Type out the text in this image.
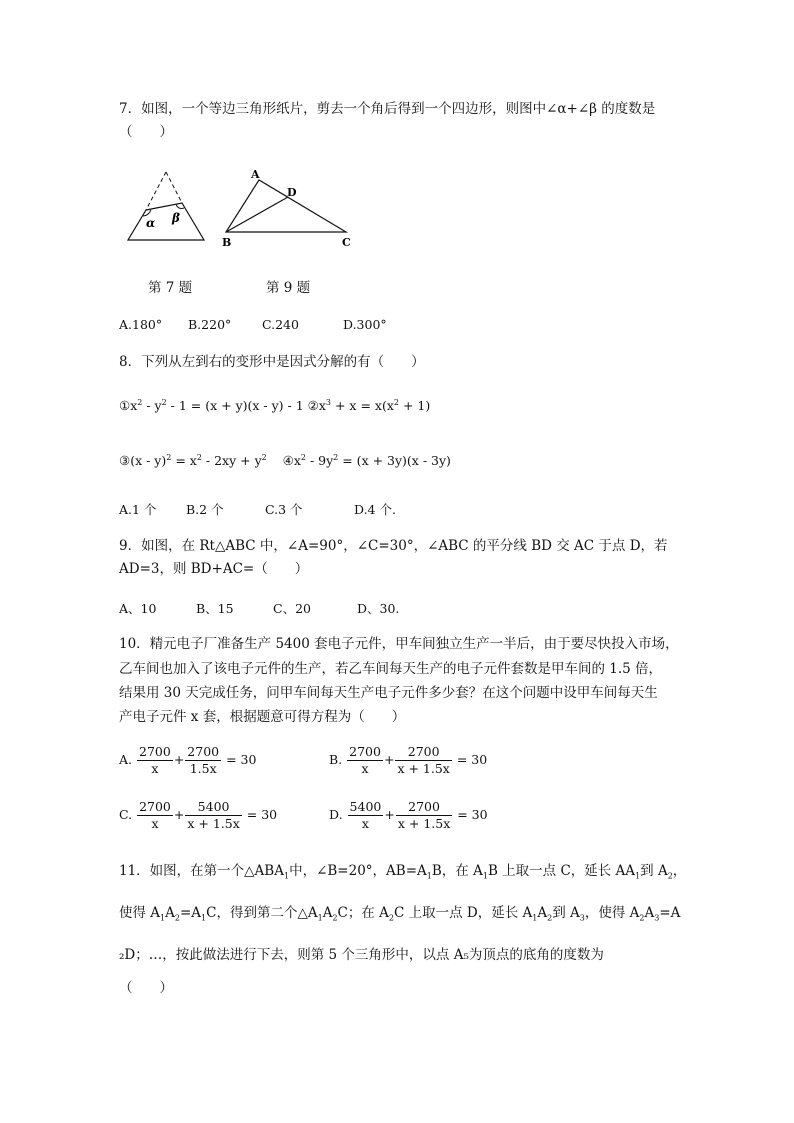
7．如图，一个等边三角形纸片，剪去一个角后得到一个四边形，则图中∠α+∠β 的度数是
（　　）
α β
A
D
B	C
第 7 题	第 9 题
A.180° B.220° C.240	D.300°
8．下列从左到右的变形中是因式分解的有（　　）
$①x^2 - y^2 - 1 = (x + y)(x - y) - 1$ $②x^3 + x = x(x^2 + 1)$
③(x - $y)^2 = x^2 - 2xy + y^2$    $④x^2 - 9y^2 = (x + 3y)(x - 3y)$
A.1 个 B.2 个	C.3 个	D.4 个.
9．如图，在 Rt△ABC 中，∠A=90°，∠C=30°，∠ABC 的平分线 BD 交 AC 于点 D，若
AD=3，则 BD+AC=（　　）
A、10	B、15	C、20	D、30.
10．精元电子厂准备生产 5400 套电子元件，甲车间独立生产一半后，由于要尽快投入市场，
乙车间也加入了该电子元件的生产，若乙车间每天生产的电子元件套数是甲车间的 1.5 倍，
结果用 30 天完成任务，问甲车间每天生产电子元件多少套？在这个问题中设甲车间每天生
产电子元件 x 套，根据题意可得方程为（　　）
A. $\frac{2700}{x} + \frac{2700}{1.5x} = 30$	B. $\frac{2700}{x} + \frac{2700}{x + 1.5x} = 30$
C. $\frac{2700}{x} + \frac{5400}{x + 1.5x} = 30$	D. $\frac{5400}{x} + \frac{2700}{x + 1.5x} = 30$
11．如图，在第一个$\triangle ABA_1$中，∠B=20°，$AB=A_1B$，在 $A_1B$ 上取一点 C，延长 $AA_1$到 $A_2$，
使得 $A_1A_2=A_1C$，得到第二个$\triangle A_1A_2C$；在 $A_2C$ 上取一点 D，延长 $A_1A_2$到 $A_3$，使得 $A_2A_3=A$
₂D；…，按此做法进行下去，则第 5 个三角形中，以点 A₅为顶点的底角的度数为
（　　）
